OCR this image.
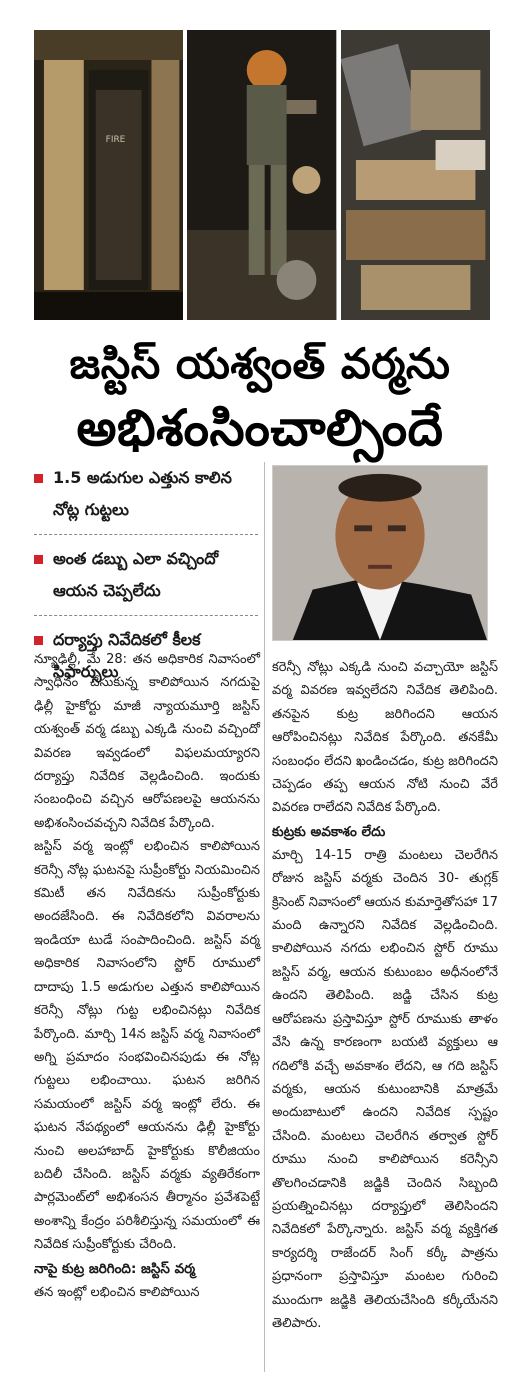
FIRE
జస్టిస్ యశ్వంత్ వర్మను
అభిశంసించాల్సిందే
1.5 అడుగుల ఎత్తున కాలిన నోట్ల గుట్టలు
అంత డబ్బు ఎలా వచ్చిందో ఆయన చెప్పలేదు
దర్యాప్తు నివేదికలో కీలక సిఫార్సులు

న్యూఢిల్లీ, మే 28: తన అధికారిక నివాసంలో స్వాధీనం చేసుకున్న కాలిపోయిన నగదుపై ఢిల్లీ హైకోర్టు మాజీ న్యాయమూర్తి జస్టిస్ యశ్వంత్ వర్మ డబ్బు ఎక్కడి నుంచి వచ్చిందో వివరణ ఇవ్వడంలో విఫలమయ్యారని దర్యాప్తు నివేదిక వెల్లడించింది. ఇందుకు సంబంధించి వచ్చిన ఆరోపణలపై ఆయనను అభిశంసించవచ్చని నివేదిక పేర్కొంది.

జస్టిస్ వర్మ ఇంట్లో లభించిన కాలిపోయిన కరెన్సీ నోట్ల ఘటనపై సుప్రీంకోర్టు నియమించిన కమిటీ తన నివేదికను సుప్రీంకోర్టుకు అందజేసింది. ఈ నివేదికలోని వివరాలను ఇండియా టుడే సంపాదించింది. జస్టిస్ వర్మ అధికారిక నివాసంలోని స్టోర్ రూములో దాదాపు 1.5 అడుగుల ఎత్తున కాలిపోయిన కరెన్సీ నోట్లు గుట్ట లభించినట్లు నివేదిక పేర్కొంది. మార్చి 14న జస్టిస్ వర్మ నివాసంలో అగ్ని ప్రమాదం సంభవించినపుడు ఈ నోట్ల గుట్టలు లభించాయి. ఘటన జరిగిన సమయంలో జస్టిస్ వర్మ ఇంట్లో లేరు. ఈ ఘటన నేపథ్యంలో ఆయనను ఢిల్లీ హైకోర్టు నుంచి అలహాబాద్ హైకోర్టుకు కొలీజియం బదిలీ చేసింది. జస్టిస్ వర్మకు వ్యతిరేకంగా పార్లమెంట్‌లో అభిశంసన తీర్మానం ప్రవేశపెట్టే అంశాన్ని కేంద్రం పరిశీలిస్తున్న సమయంలో ఈ నివేదిక సుప్రీంకోర్టుకు చేరింది.

నాపై కుట్ర జరిగింది: జస్టిస్ వర్మ

తన ఇంట్లో లభించిన కాలిపోయిన

కరెన్సీ నోట్లు ఎక్కడి నుంచి వచ్చాయో జస్టిస్ వర్మ వివరణ ఇవ్వలేదని నివేదిక తెలిపింది. తనపైన కుట్ర జరిగిందని ఆయన ఆరోపించినట్లు నివేదిక పేర్కొంది. తనకేమీ సంబంధం లేదని ఖండించడం, కుట్ర జరిగిందని చెప్పడం తప్ప ఆయన నోటి నుంచి వేరే వివరణ రాలేదని నివేదిక పేర్కొంది.

కుట్రకు అవకాశం లేదు

మార్చి 14-15 రాత్రి మంటలు చెలరేగిన రోజున జస్టిస్ వర్మకు చెందిన 30- తుగ్లక్ క్రిసెంట్ నివాసంలో ఆయన కుమార్తెతోసహా 17 మంది ఉన్నారని నివేదిక వెల్లడించింది. కాలిపోయిన నగదు లభించిన స్టోర్ రూము జస్టిస్ వర్మ, ఆయన కుటుంబం అధీనంలోనే ఉందని తెలిపింది. జడ్జి చేసిన కుట్ర ఆరోపణను ప్రస్తావిస్తూ స్టోర్ రూముకు తాళం వేసి ఉన్న కారణంగా బయటి వ్యక్తులు ఆ గదిలోకి వచ్చే అవకాశం లేదని, ఆ గది జస్టిస్ వర్మకు, ఆయన కుటుంబానికి మాత్రమే అందుబాటులో ఉందని నివేదిక స్పష్టం చేసింది. మంటలు చెలరేగిన తర్వాత స్టోర్ రూము నుంచి కాలిపోయిన కరెన్సీని తొలగించడానికి జడ్జికి చెందిన సిబ్బంది ప్రయత్నించినట్లు దర్యాప్తులో తెలిసిందని నివేదికలో పేర్కొన్నారు. జస్టిస్ వర్మ వ్యక్తిగత కార్యదర్శి రాజేందర్ సింగ్ కర్కీ పాత్రను ప్రధానంగా ప్రస్తావిస్తూ మంటల గురించి ముందుగా జడ్జికి తెలియచేసింది కర్కీయేనని తెలిపారు.
